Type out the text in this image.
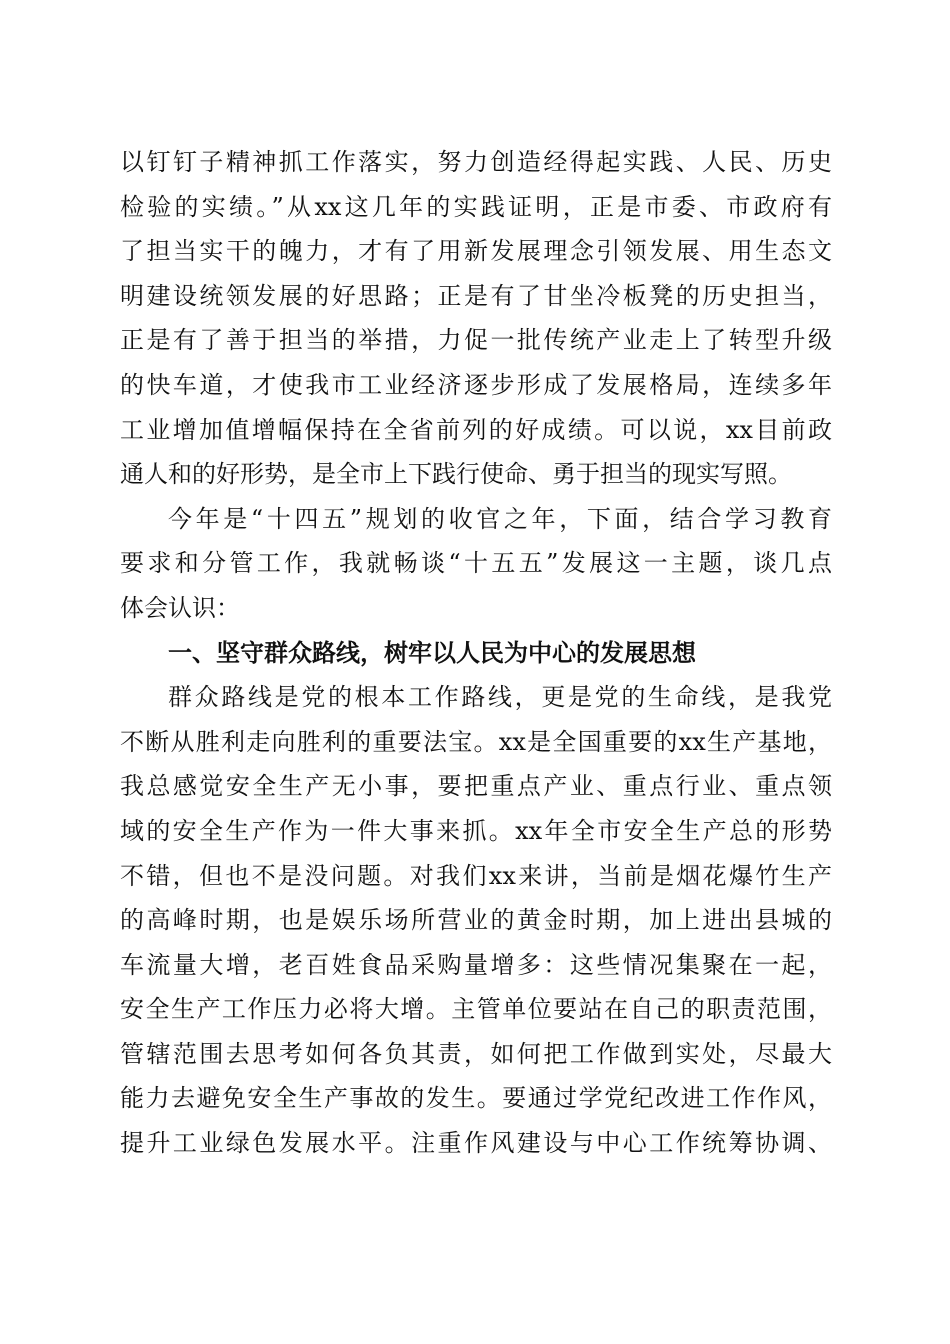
以钉钉子精神抓工作落实，努力创造经得起实践、人民、历史
检验的实绩。”从xx这几年的实践证明，正是市委、市政府有
了担当实干的魄力，才有了用新发展理念引领发展、用生态文
明建设统领发展的好思路；正是有了甘坐冷板凳的历史担当，
正是有了善于担当的举措，力促一批传统产业走上了转型升级
的快车道，才使我市工业经济逐步形成了发展格局，连续多年
工业增加值增幅保持在全省前列的好成绩。可以说，xx目前政
通人和的好形势，是全市上下践行使命、勇于担当的现实写照。
今年是“十四五”规划的收官之年，下面，结合学习教育
要求和分管工作，我就畅谈“十五五”发展这一主题，谈几点
体会认识：
一、坚守群众路线，树牢以人民为中心的发展思想
群众路线是党的根本工作路线，更是党的生命线，是我党
不断从胜利走向胜利的重要法宝。xx是全国重要的xx生产基地，
我总感觉安全生产无小事，要把重点产业、重点行业、重点领
域的安全生产作为一件大事来抓。xx年全市安全生产总的形势
不错，但也不是没问题。对我们xx来讲，当前是烟花爆竹生产
的高峰时期，也是娱乐场所营业的黄金时期，加上进出县城的
车流量大增，老百姓食品采购量增多：这些情况集聚在一起，
安全生产工作压力必将大增。主管单位要站在自己的职责范围，
管辖范围去思考如何各负其责，如何把工作做到实处，尽最大
能力去避免安全生产事故的发生。要通过学党纪改进工作作风，
提升工业绿色发展水平。注重作风建设与中心工作统筹协调、
